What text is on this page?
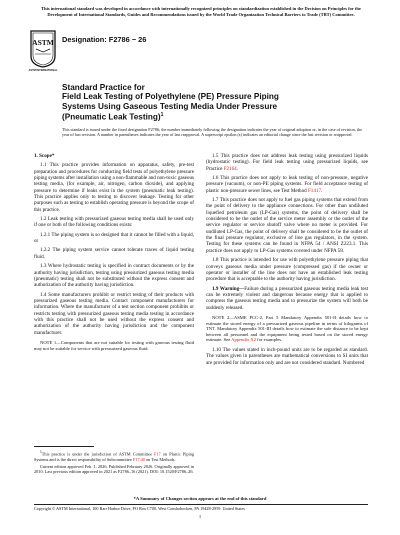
This international standard was developed in accordance with internationally recognized principles on standardization established in the Decision on Principles for the Development of International Standards, Guides and Recommendations issued by the World Trade Organization Technical Barriers to Trade (TBT) Committee.
ASTM
ASTM INTERNATIONAL
Designation: F2786 − 26
Standard Practice for
Field Leak Testing of Polyethylene (PE) Pressure Piping
Systems Using Gaseous Testing Media Under Pressure
(Pneumatic Leak Testing)$^1$
This standard is issued under the fixed designation F2786; the number immediately following the designation indicates the year of original adoption or, in the case of revision, the year of last revision. A number in parentheses indicates the year of last reapproval. A superscript epsilon (ε) indicates an editorial change since the last revision or reapproval.

1. Scope*

1.1 This practice provides information on apparatus, safety, pre-test preparation and procedures for conducting field tests of polyethylene pressure piping systems after installation using a non-flammable and non-toxic gaseous testing media, (for example, air, nitrogen, carbon dioxide), and applying pressure to determine if leaks exist in the system (pneumatic leak testing). This practice applies only to testing to discover leakage. Testing for other purposes such as testing to establish operating pressure is beyond the scope of this practice.

1.2 Leak testing with pressurized gaseous testing media shall be used only if one or both of the following conditions exists:

1.2.1 The piping system is so designed that it cannot be filled with a liquid, or

1.2.2 The piping system service cannot tolerate traces of liquid testing fluid.

1.3 Where hydrostatic testing is specified in contract documents or by the authority having jurisdiction, testing using pressurized gaseous testing media (pneumatic) testing shall not be substituted without the express consent and authorization of the authority having jurisdiction.

1.4 Some manufacturers prohibit or restrict testing of their products with pressurized gaseous testing media. Contact component manufacturers for information. Where the manufacturer of a test section component prohibits or restricts testing with pressurized gaseous testing media testing in accordance with this practice shall not be used without the express consent and authorization of the authority having jurisdiction and the component manufacturer.

NOTE 1—Components that are not suitable for testing with gaseous testing fluid may not be suitable for service with pressurized gaseous fluid.

$^1$This practice is under the jurisdiction of ASTM Committee F17 on Plastic Piping Systems and is the direct responsibility of Subcommittee F17.40 on Test Methods.

Current edition approved Feb. 1, 2026. Published February 2026. Originally approved in 2010. Last previous edition approved in 2021 as F2786–16 (2021). DOI: 10.1520/F2786–26.

1.5 This practice does not address leak testing using pressurized liquids (hydrostatic testing). For field leak testing using pressurized liquids, see Practice F2164.

1.6 This practice does not apply to leak testing of non-pressure, negative pressure (vacuum), or non-PE piping systems. For field acceptance testing of plastic non-pressure sewer lines, see Test Method F1417.

1.7 This practice does not apply to fuel gas piping systems that extend from the point of delivery to the appliance connections. For other than undiluted liquefied petroleum gas (LP-Gas) systems, the point of delivery shall be considered to be the outlet of the service meter assembly or the outlet of the service regulator or service shutoff valve where no meter is provided. For undiluted LP-Gas, the point of delivery shall be considered to be the outlet of the final pressure regulator, exclusive of line gas regulators, in the system. Testing for these systems can be found in NFPA 54 / ANSI Z223.1. This practice does not apply to LP-Gas systems covered under NFPA 58.

1.8 This practice is intended for use with polyethylene pressure piping that conveys gaseous media under pressure (compressed gas) if the owner or operator or installer of the line does not have an established leak testing procedure that is acceptable to the authority having jurisdiction.

1.9 Warning—Failure during a pressurized gaseous testing media leak test can be extremely violent and dangerous because energy that is applied to compress the gaseous testing media and to pressurize the system will both be suddenly released.

NOTE 2—ASME PCC-2, Part 5 Mandatory Appendix 501-II details how to estimate the stored energy of a pressurized gaseous pipeline in terms of kilograms of TNT. Mandatory Appendix 501-III details how to estimate the safe distance to be kept between all personnel and the equipment being tested based on the stored energy estimate. See Appendix X2 for examples.

1.10 The values stated in inch-pound units are to be regarded as standard. The values given in parentheses are mathematical conversions to SI units that are provided for information only and are not considered standard. Numbered

*A Summary of Changes section appears at the end of this standard
Copyright © ASTM International, 100 Barr Harbor Drive, PO Box C700, West Conshohocken, PA 19428-2959. United States
1
